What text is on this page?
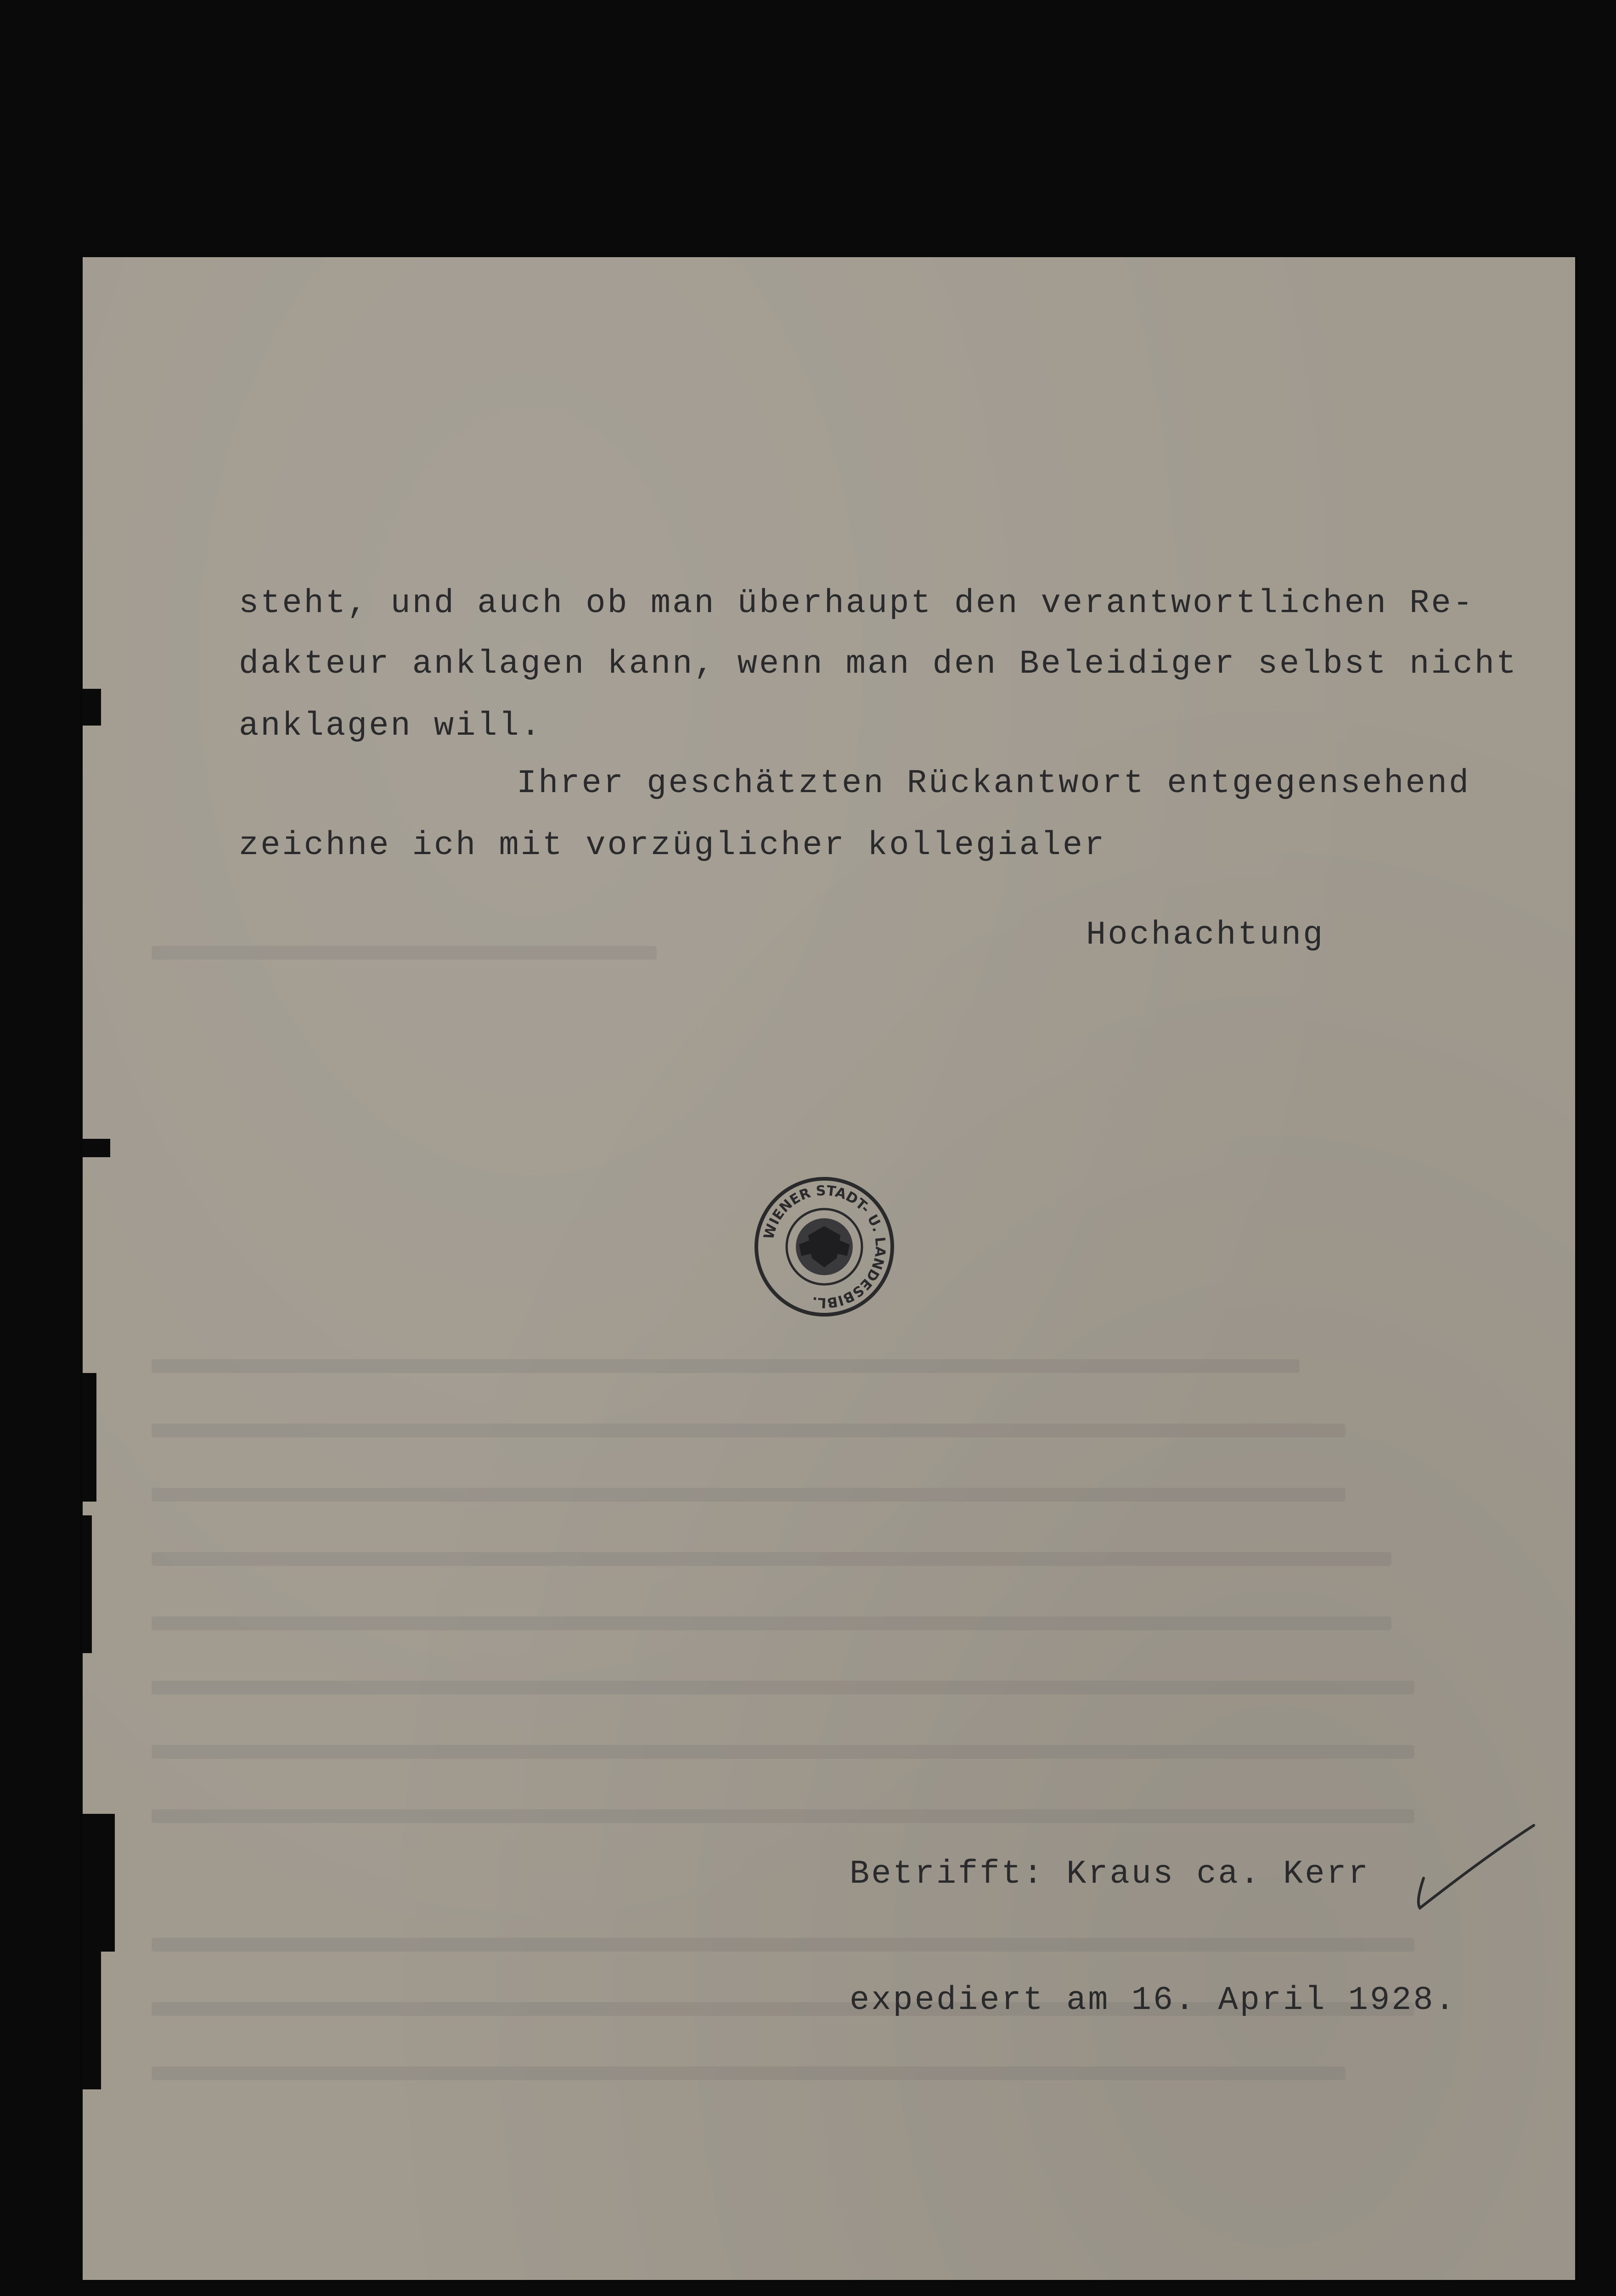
steht, und auch ob man überhaupt den verantwortlichen Re-
dakteur anklagen kann, wenn man den Beleidiger selbst nicht
anklagen will.
Ihrer geschätzten Rückantwort entgegensehend
zeichne ich mit vorzüglicher kollegialer
Hochachtung
WIENER STADT- U. LANDESBIBL.
Betrifft: Kraus ca. Kerr
expediert am 16. April 1928.
